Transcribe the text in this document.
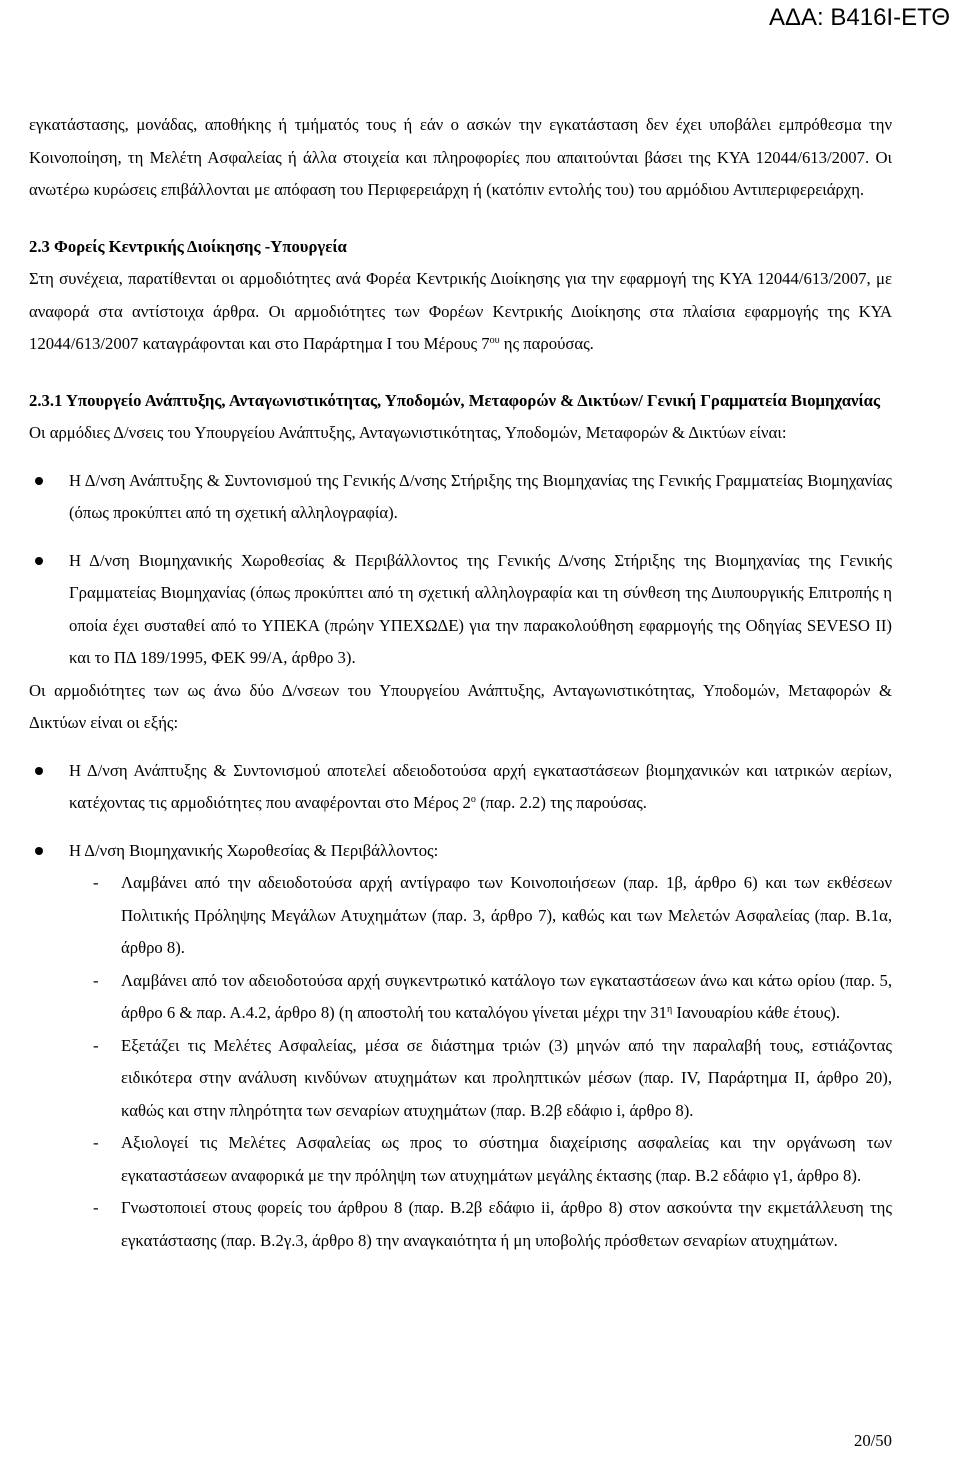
ΑΔΑ: Β416Ι-ΕΤΘ

εγκατάστασης, μονάδας, αποθήκης ή τμήματός τους ή εάν ο ασκών την εγκατάσταση δεν έχει υποβάλει εμπρόθεσμα την Κοινοποίηση, τη Μελέτη Ασφαλείας ή άλλα στοιχεία και πληροφορίες που απαιτούνται βάσει της ΚΥΑ 12044/613/2007. Οι ανωτέρω κυρώσεις επιβάλλονται με απόφαση του Περιφερειάρχη ή (κατόπιν εντολής του) του αρμόδιου Αντιπεριφερειάρχη.

2.3 Φορείς Κεντρικής Διοίκησης -Υπουργεία

Στη συνέχεια, παρατίθενται οι αρμοδιότητες ανά Φορέα Κεντρικής Διοίκησης για την εφαρμογή της ΚΥΑ 12044/613/2007, με αναφορά στα αντίστοιχα άρθρα. Οι αρμοδιότητες των Φορέων Κεντρικής Διοίκησης στα πλαίσια εφαρμογής της ΚΥΑ 12044/613/2007 καταγράφονται και στο Παράρτημα Ι του Μέρους $7^{o\upsilon}$ ης παρούσας.

2.3.1 Υπουργείο Ανάπτυξης, Ανταγωνιστικότητας, Υποδομών, Μεταφορών & Δικτύων/ Γενική Γραμματεία Βιομηχανίας

Οι αρμόδιες Δ/νσεις του Υπουργείου Ανάπτυξης, Ανταγωνιστικότητας, Υποδομών, Μεταφορών & Δικτύων είναι:

Η Δ/νση Ανάπτυξης & Συντονισμού της Γενικής Δ/νσης Στήριξης της Βιομηχανίας της Γενικής Γραμματείας Βιομηχανίας (όπως προκύπτει από τη σχετική αλληλογραφία).
Η Δ/νση Βιομηχανικής Χωροθεσίας & Περιβάλλοντος της Γενικής Δ/νσης Στήριξης της Βιομηχανίας της Γενικής Γραμματείας Βιομηχανίας (όπως προκύπτει από τη σχετική αλληλογραφία και τη σύνθεση της Διυπουργικής Επιτροπής η οποία έχει συσταθεί από το ΥΠΕΚΑ (πρώην ΥΠΕΧΩΔΕ) για την παρακολούθηση εφαρμογής της Οδηγίας SEVESO II) και το ΠΔ 189/1995, ΦΕΚ 99/Α, άρθρο 3).

Οι αρμοδιότητες των ως άνω δύο Δ/νσεων του Υπουργείου Ανάπτυξης, Ανταγωνιστικότητας, Υποδομών, Μεταφορών & Δικτύων είναι οι εξής:

Η Δ/νση Ανάπτυξης & Συντονισμού αποτελεί αδειοδοτούσα αρχή εγκαταστάσεων βιομηχανικών και ιατρικών αερίων, κατέχοντας τις αρμοδιότητες που αναφέρονται στο Μέρος $2^o$ (παρ. 2.2) της παρούσας.
Η Δ/νση Βιομηχανικής Χωροθεσίας & Περιβάλλοντος:
- Λαμβάνει από την αδειοδοτούσα αρχή αντίγραφο των Κοινοποιήσεων (παρ. 1β, άρθρο 6) και των εκθέσεων Πολιτικής Πρόληψης Μεγάλων Ατυχημάτων (παρ. 3, άρθρο 7), καθώς και των Μελετών Ασφαλείας (παρ. Β.1α, άρθρο 8).
- Λαμβάνει από τον αδειοδοτούσα αρχή συγκεντρωτικό κατάλογο των εγκαταστάσεων άνω και κάτω ορίου (παρ. 5, άρθρο 6 & παρ. Α.4.2, άρθρο 8) (η αποστολή του καταλόγου γίνεται μέχρι την $31^\eta$ Ιανουαρίου κάθε έτους).
- Εξετάζει τις Μελέτες Ασφαλείας, μέσα σε διάστημα τριών (3) μηνών από την παραλαβή τους, εστιάζοντας ειδικότερα στην ανάλυση κινδύνων ατυχημάτων και προληπτικών μέσων (παρ. IV, Παράρτημα ΙΙ, άρθρο 20), καθώς και στην πληρότητα των σεναρίων ατυχημάτων (παρ. Β.2β εδάφιο i, άρθρο 8).
- Αξιολογεί τις Μελέτες Ασφαλείας ως προς το σύστημα διαχείρισης ασφαλείας και την οργάνωση των εγκαταστάσεων αναφορικά με την πρόληψη των ατυχημάτων μεγάλης έκτασης (παρ. Β.2 εδάφιο γ1, άρθρο 8).
- Γνωστοποιεί στους φορείς του άρθρου 8 (παρ. Β.2β εδάφιο ii, άρθρο 8) στον ασκούντα την εκμετάλλευση της εγκατάστασης (παρ. Β.2γ.3, άρθρο 8) την αναγκαιότητα ή μη υποβολής πρόσθετων σεναρίων ατυχημάτων.
20/50
